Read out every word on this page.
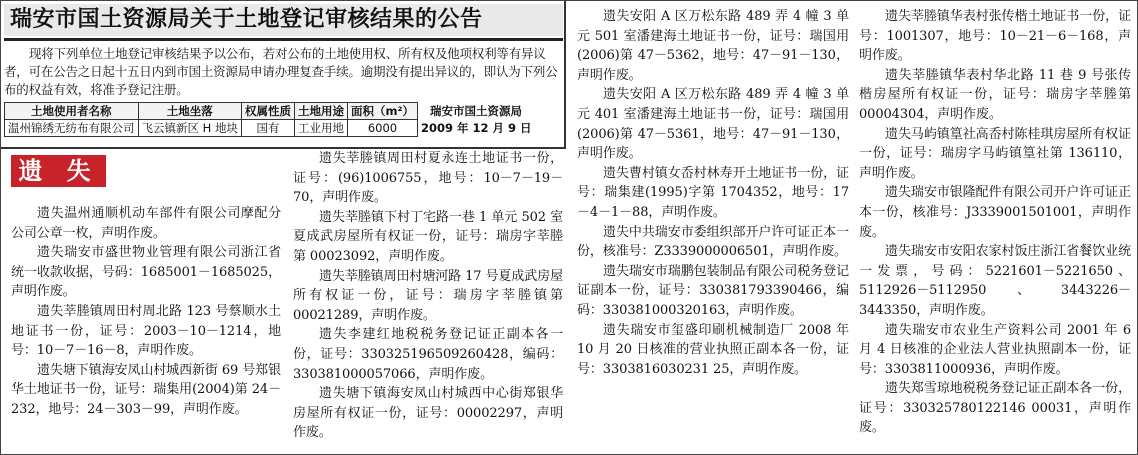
瑞安市国土资源局关于土地登记审核结果的公告
现将下列单位土地登记审核结果予以公布，若对公布的土地使用权、所有权及他项权利等有异议者，可在公告之日起十五日内到市国土资源局申请办理复查手续。逾期没有提出异议的，即认为下列公布的权益有效，将准予登记注册。
土地使用者名称	土地坐落	权属性质	土地用途	面积（m²）	瑞安市国土资源局
温州锦绣无纺布有限公司	飞云镇新区 H 地块	国有	工业用地	6000	2009 年 12 月 9 日
遗 失

遗失温州通顺机动车部件有限公司摩配分公司公章一枚，声明作废。

遗失瑞安市盛世物业管理有限公司浙江省统一收款收据，号码：1685001－1685025，声明作废。

遗失莘塍镇周田村周北路 123 号蔡顺水土地证书一份，证号：2003－10－1214，地号：10－7－16－8，声明作废。

遗失塘下镇海安凤山村城西新街 69 号郑银华土地证书一份，证号：瑞集用(2004)第 24－232，地号：24－303－99，声明作废。

遗失莘塍镇周田村夏永连土地证书一份，证号：(96)1006755，地号：10－7－19－70，声明作废。

遗失莘塍镇下村丁宅路一巷 1 单元 502 室夏成武房屋所有权证一份，证号：瑞房字莘塍第 00023092，声明作废。

遗失莘塍镇周田村塘河路 17 号夏成武房屋所有权证一份，证号：瑞房字莘塍镇第 00021289，声明作废。

遗失李建红地税税务登记证正副本各一份，证号：330325196509260428，编码：330381000057066，声明作废。

遗失塘下镇海安凤山村城西中心街郑银华房屋所有权证一份，证号：00002297，声明作废。

遗失安阳 A 区万松东路 489 弄 4 幢 3 单元 501 室潘建海土地证书一份，证号：瑞国用(2006)第 47－5362，地号：47－91－130，声明作废。

遗失安阳 A 区万松东路 489 弄 4 幢 3 单元 401 室潘建海土地证书一份，证号：瑞国用(2006)第 47－5361，地号：47－91－130，声明作废。

遗失曹村镇女岙村林寿开土地证书一份，证号：瑞集建(1995)字第 1704352，地号：17－4－1－88，声明作废。

遗失中共瑞安市委组织部开户许可证正本一份，核准号：Z3339000006501，声明作废。

遗失瑞安市瑞鹏包装制品有限公司税务登记证副本一份，证号：330381793390466，编码：330381000320163，声明作废。

遗失瑞安市玺盛印刷机械制造厂 2008 年 10 月 20 日核准的营业执照正副本各一份，证号：3303816030231 25，声明作废。

遗失莘塍镇华表村张传楷土地证书一份，证号：1001307，地号：10－21－6－168，声明作废。

遗失莘塍镇华表村华北路 11 巷 9 号张传楷房屋所有权证一份，证号：瑞房字莘塍第 00004304，声明作废。

遗失马屿镇篁社高岙村陈桂琪房屋所有权证一份，证号：瑞房字马屿镇篁社第 136110，声明作废。

遗失瑞安市银隆配件有限公司开户许可证正本一份，核准号：J3339001501001，声明作废。

遗失瑞安市安阳农家村饭庄浙江省餐饮业统一发票，号码：5221601－5221650、5112926－5112950、3443226－3443350，声明作废。

遗失瑞安市农业生产资料公司 2001 年 6 月 4 日核准的企业法人营业执照副本一份，证号：3303811000936，声明作废。

遗失郑雪琼地税税务登记证正副本各一份，证号：330325780122146 00031，声明作废。
